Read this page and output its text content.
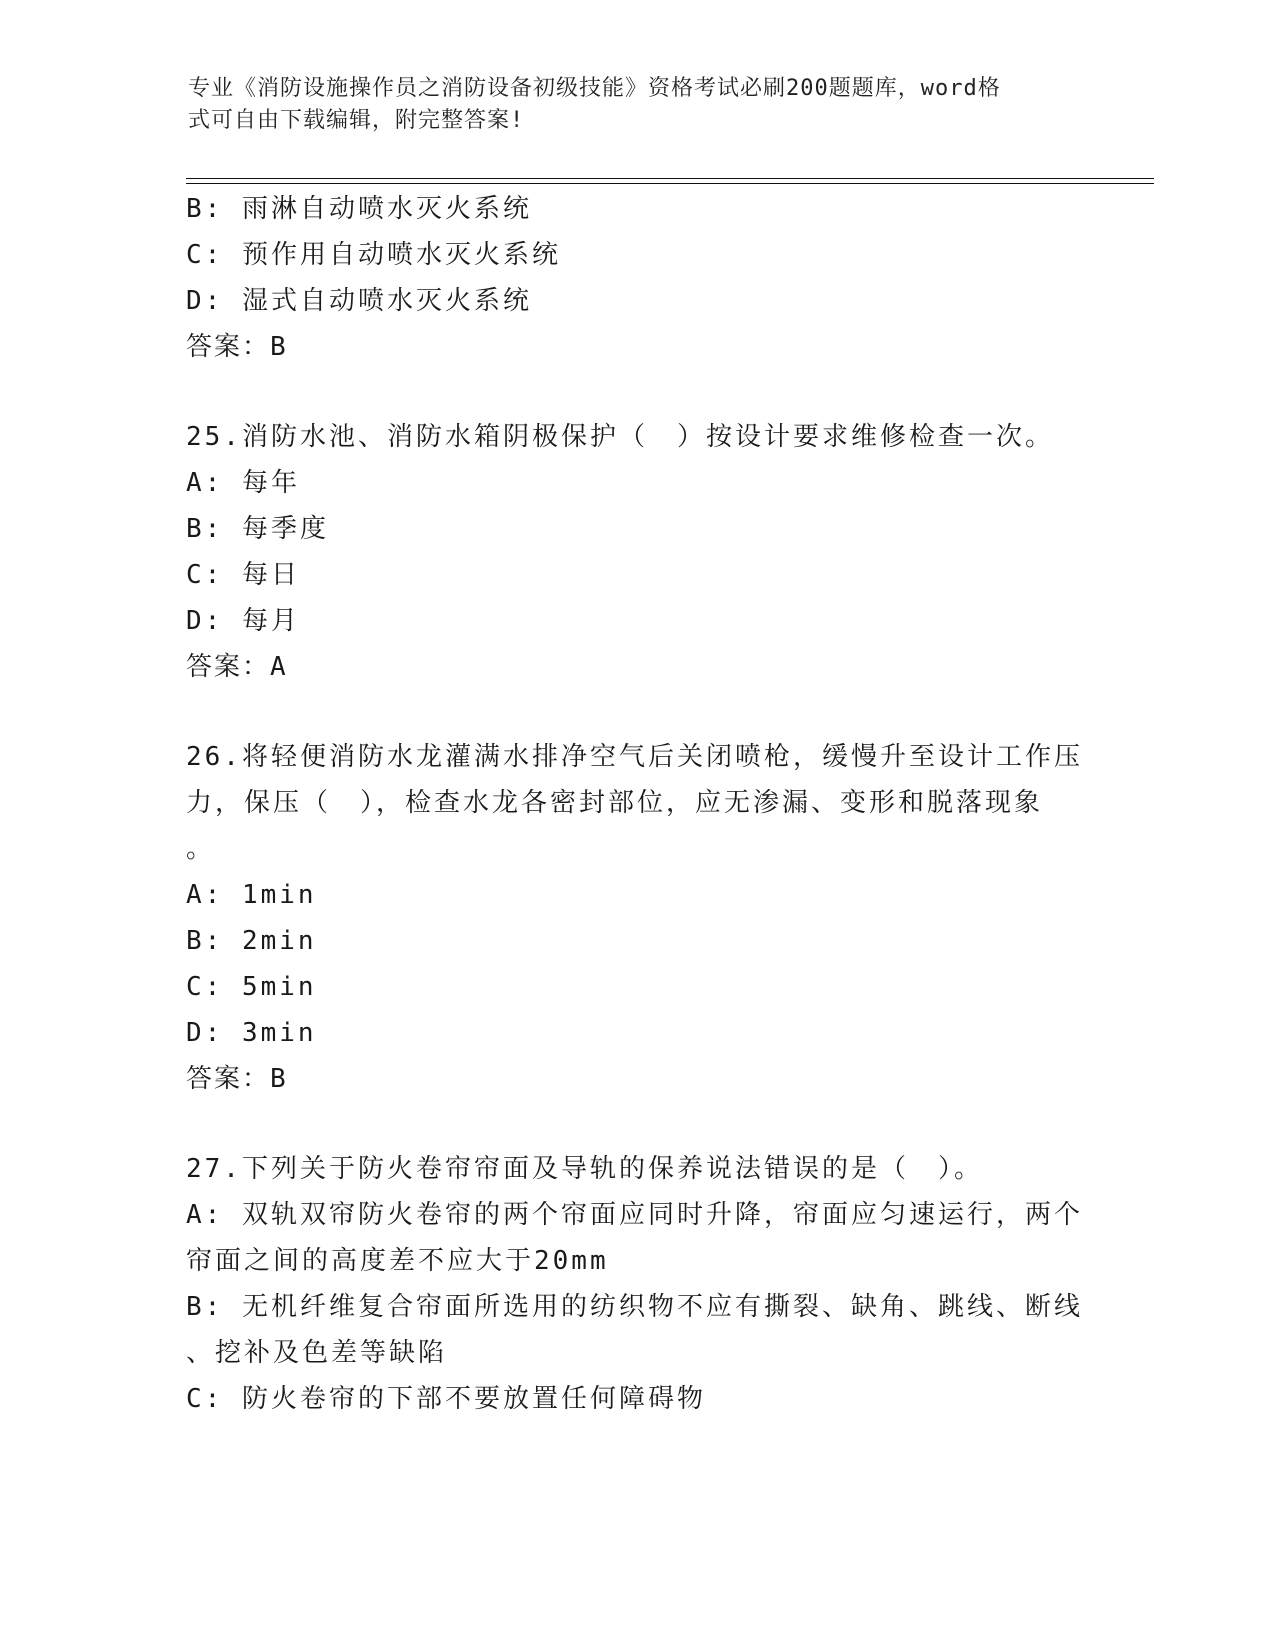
专业《消防设施操作员之消防设备初级技能》资格考试必刷200题题库，word格
式可自由下载编辑，附完整答案!
B: 雨淋自动喷水灭火系统
C: 预作用自动喷水灭火系统
D: 湿式自动喷水灭火系统
答案：B
25.消防水池、消防水箱阴极保护（　）按设计要求维修检查一次。
A: 每年
B: 每季度
C: 每日
D: 每月
答案：A
26.将轻便消防水龙灌满水排净空气后关闭喷枪，缓慢升至设计工作压
力，保压（　），检查水龙各密封部位，应无渗漏、变形和脱落现象
。
A: 1min
B: 2min
C: 5min
D: 3min
答案：B
27.下列关于防火卷帘帘面及导轨的保养说法错误的是（　）。
A: 双轨双帘防火卷帘的两个帘面应同时升降，帘面应匀速运行，两个
帘面之间的高度差不应大于20mm
B: 无机纤维复合帘面所选用的纺织物不应有撕裂、缺角、跳线、断线
、挖补及色差等缺陷
C: 防火卷帘的下部不要放置任何障碍物
